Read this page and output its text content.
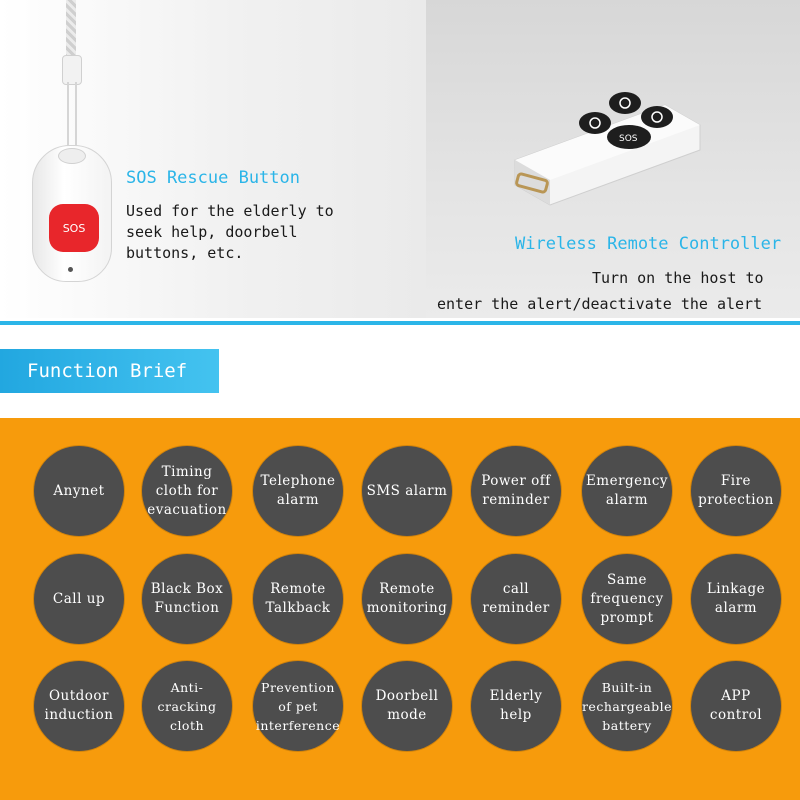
SOS
SOS Rescue Button
Used for the elderly to
seek help, doorbell
buttons, etc.
SOS
Wireless Remote Controller
Turn on the host to
enter the alert/deactivate the alert
Function Brief
Anynet
Timing
cloth for
evacuation
Telephone
alarm
SMS alarm
Power off
reminder
Emergency
alarm
Fire
protection
Call up
Black Box
Function
Remote
Talkback
Remote
monitoring
call
reminder
Same
frequency
prompt
Linkage
alarm
Outdoor
induction
Anti-cracking
cloth
Prevention
of pet
interference
Doorbell
mode
Elderly
help
Built-in
rechargeable
battery
APP
control
